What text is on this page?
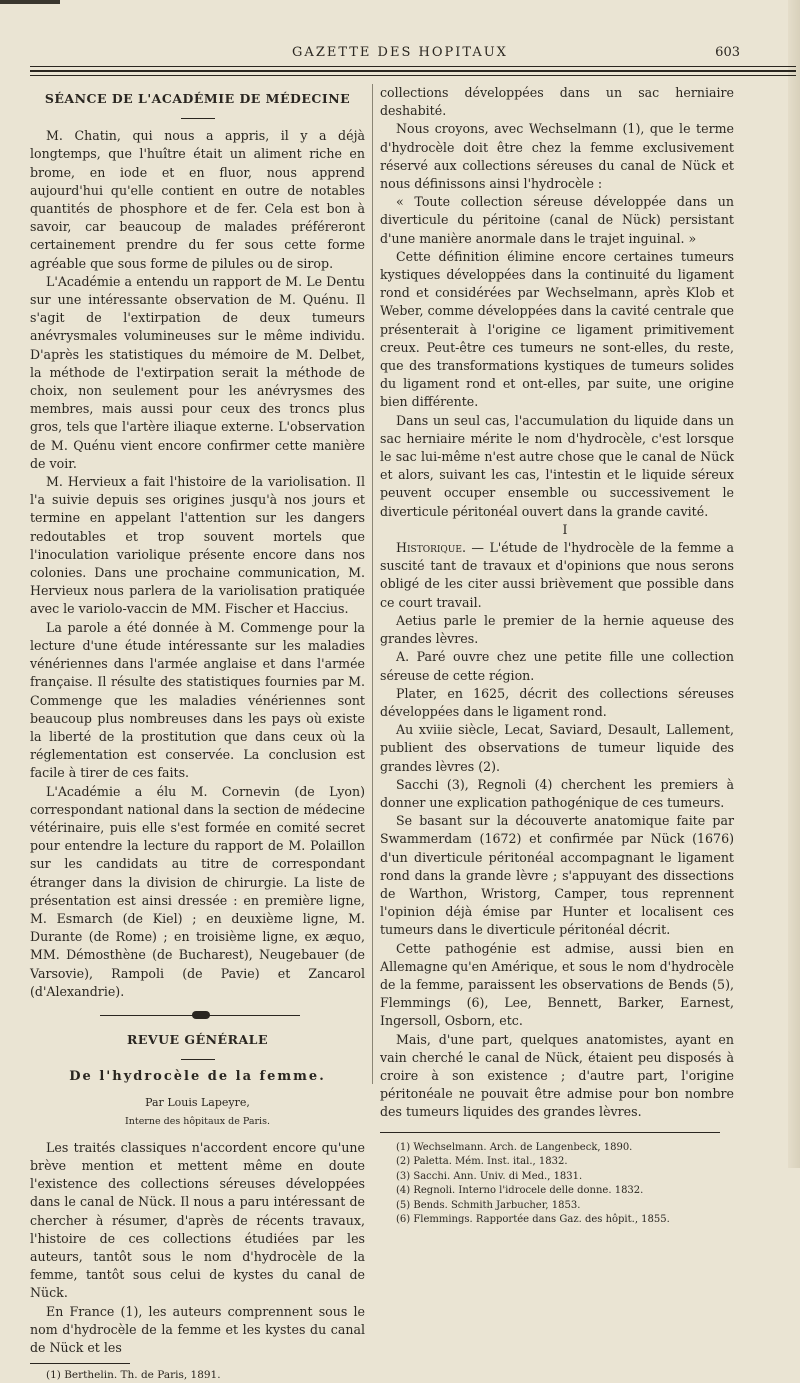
GAZETTE DES HOPITAUX	603
SÉANCE DE L'ACADÉMIE DE MÉDECINE

M. Chatin, qui nous a appris, il y a déjà longtemps, que l'huître était un aliment riche en brome, en iode et en fluor, nous apprend aujourd'hui qu'elle contient en outre de notables quantités de phosphore et de fer. Cela est bon à savoir, car beaucoup de malades préféreront certainement prendre du fer sous cette forme agréable que sous forme de pilules ou de sirop.

L'Académie a entendu un rapport de M. Le Dentu sur une intéressante observation de M. Quénu. Il s'agit de l'extirpation de deux tumeurs anévrysmales volumineuses sur le même individu. D'après les statistiques du mémoire de M. Delbet, la méthode de l'extirpation serait la méthode de choix, non seulement pour les anévrysmes des membres, mais aussi pour ceux des troncs plus gros, tels que l'artère iliaque externe. L'observation de M. Quénu vient encore confirmer cette manière de voir.

M. Hervieux a fait l'histoire de la variolisation. Il l'a suivie depuis ses origines jusqu'à nos jours et termine en appelant l'attention sur les dangers redoutables et trop souvent mortels que l'inoculation variolique présente encore dans nos colonies. Dans une prochaine communication, M. Hervieux nous parlera de la variolisation pratiquée avec le variolo-vaccin de MM. Fischer et Haccius.

La parole a été donnée à M. Commenge pour la lecture d'une étude intéressante sur les maladies vénériennes dans l'armée anglaise et dans l'armée française. Il résulte des statistiques fournies par M. Commenge que les maladies vénériennes sont beaucoup plus nombreuses dans les pays où existe la liberté de la prostitution que dans ceux où la réglementation est conservée. La conclusion est facile à tirer de ces faits.

L'Académie a élu M. Cornevin (de Lyon) correspondant national dans la section de médecine vétérinaire, puis elle s'est formée en comité secret pour entendre la lecture du rapport de M. Polaillon sur les candidats au titre de correspondant étranger dans la division de chirurgie. La liste de présentation est ainsi dressée : en première ligne, M. Esmarch (de Kiel) ; en deuxième ligne, M. Durante (de Rome) ; en troisième ligne, ex æquo, MM. Démosthène (de Bucharest), Neugebauer (de Varsovie), Rampoli (de Pavie) et Zancarol (d'Alexandrie).

REVUE GÉNÉRALE
De l'hydrocèle de la femme.
Par Louis Lapeyre,
Interne des hôpitaux de Paris.

Les traités classiques n'accordent encore qu'une brève mention et mettent même en doute l'existence des collections séreuses développées dans le canal de Nück. Il nous a paru intéressant de chercher à résumer, d'après de récents travaux, l'histoire de ces collections étudiées par les auteurs, tantôt sous le nom d'hydrocèle de la femme, tantôt sous celui de kystes du canal de Nück.

En France (1), les auteurs comprennent sous le nom d'hydrocèle de la femme et les kystes du canal de Nück et les

(1) Berthelin. Th. de Paris, 1891.

collections développées dans un sac herniaire deshabité.

Nous croyons, avec Wechselmann (1), que le terme d'hydrocèle doit être chez la femme exclusivement réservé aux collections séreuses du canal de Nück et nous définissons ainsi l'hydrocèle :

« Toute collection séreuse développée dans un diverticule du péritoine (canal de Nück) persistant d'une manière anormale dans le trajet inguinal. »

Cette définition élimine encore certaines tumeurs kystiques développées dans la continuité du ligament rond et considérées par Wechselmann, après Klob et Weber, comme développées dans la cavité centrale que présenterait à l'origine ce ligament primitivement creux. Peut-être ces tumeurs ne sont-elles, du reste, que des transformations kystiques de tumeurs solides du ligament rond et ont-elles, par suite, une origine bien différente.

Dans un seul cas, l'accumulation du liquide dans un sac herniaire mérite le nom d'hydrocèle, c'est lorsque le sac lui-même n'est autre chose que le canal de Nück et alors, suivant les cas, l'intestin et le liquide séreux peuvent occuper ensemble ou successivement le diverticule péritonéal ouvert dans la grande cavité.

I

Historique. — L'étude de l'hydrocèle de la femme a suscité tant de travaux et d'opinions que nous serons obligé de les citer aussi brièvement que possible dans ce court travail.

Aetius parle le premier de la hernie aqueuse des grandes lèvres.

A. Paré ouvre chez une petite fille une collection séreuse de cette région.

Plater, en 1625, décrit des collections séreuses développées dans le ligament rond.

Au xviiie siècle, Lecat, Saviard, Desault, Lallement, publient des observations de tumeur liquide des grandes lèvres (2).

Sacchi (3), Regnoli (4) cherchent les premiers à donner une explication pathogénique de ces tumeurs.

Se basant sur la découverte anatomique faite par Swammerdam (1672) et confirmée par Nück (1676) d'un diverticule péritonéal accompagnant le ligament rond dans la grande lèvre ; s'appuyant des dissections de Warthon, Wristorg, Camper, tous reprennent l'opinion déjà émise par Hunter et localisent ces tumeurs dans le diverticule péritonéal décrit.

Cette pathogénie est admise, aussi bien en Allemagne qu'en Amérique, et sous le nom d'hydrocèle de la femme, paraissent les observations de Bends (5), Flemmings (6), Lee, Bennett, Barker, Earnest, Ingersoll, Osborn, etc.

Mais, d'une part, quelques anatomistes, ayant en vain cherché le canal de Nück, étaient peu disposés à croire à son existence ; d'autre part, l'origine péritonéale ne pouvait être admise pour bon nombre des tumeurs liquides des grandes lèvres.

(1) Wechselmann. Arch. de Langenbeck, 1890.

(2) Paletta. Mém. Inst. ital., 1832.

(3) Sacchi. Ann. Univ. di Med., 1831.

(4) Regnoli. Interno l'idrocele delle donne. 1832.

(5) Bends. Schmith Jarbucher, 1853.

(6) Flemmings. Rapportée dans Gaz. des hôpit., 1855.
